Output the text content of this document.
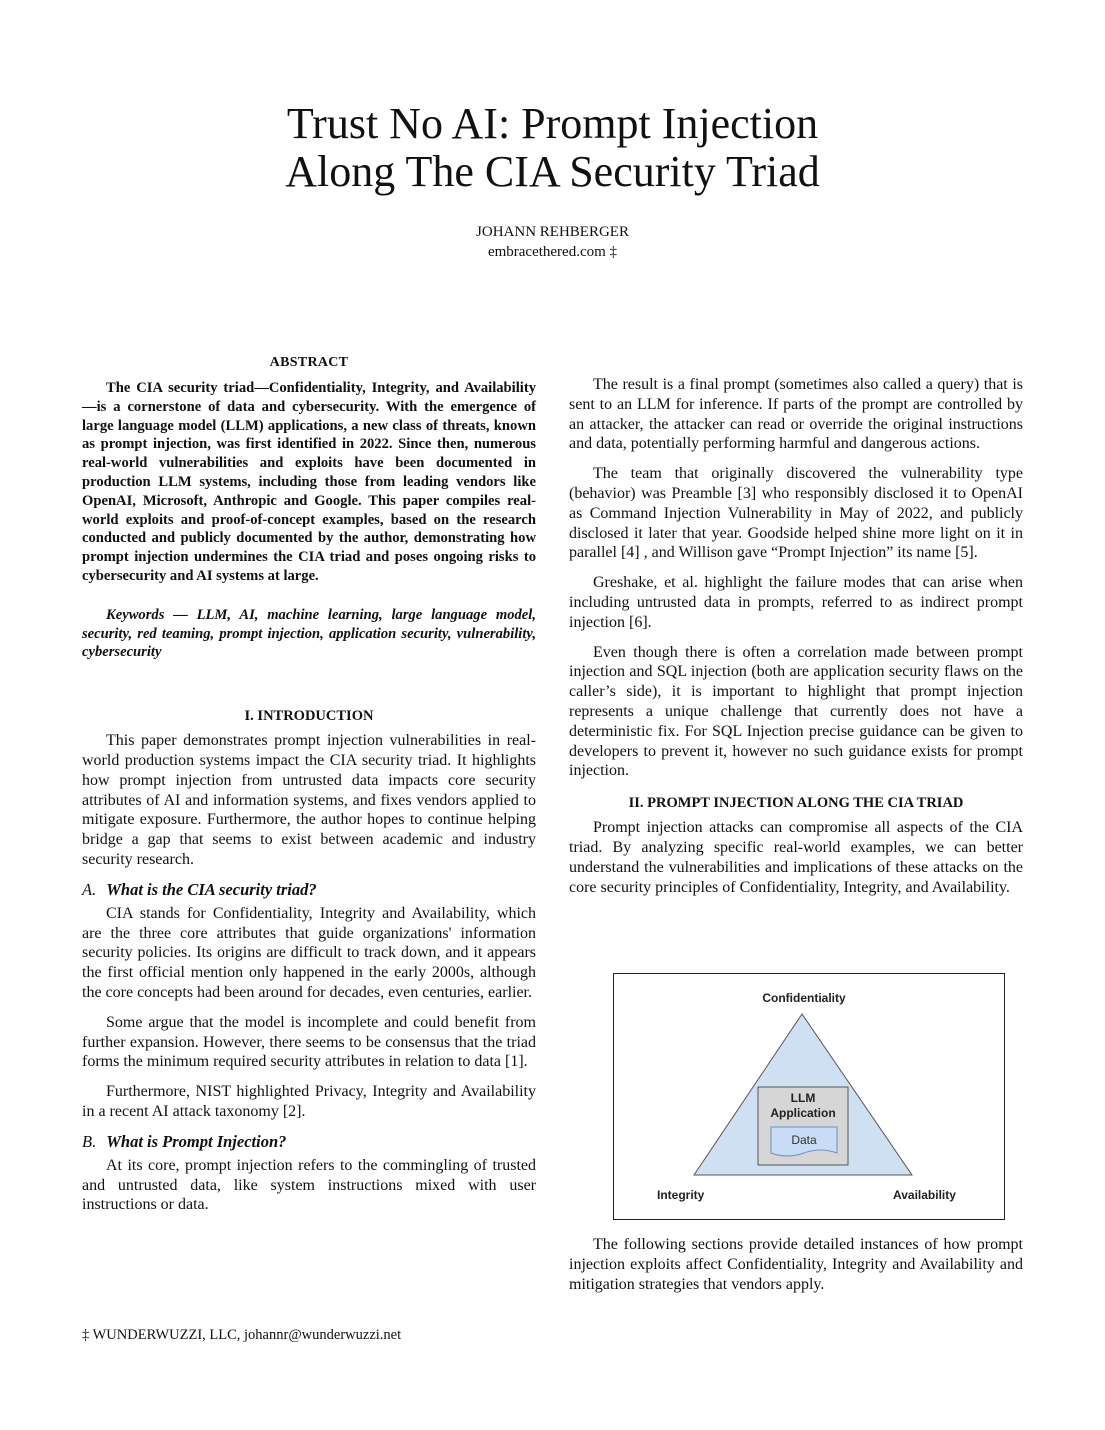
Trust No AI: Prompt Injection
Along The CIA Security Triad
JOHANN REHBERGER
embracethered.com ‡
ABSTRACT

The CIA security triad—Confidentiality, Integrity, and Availability—is a cornerstone of data and cybersecurity. With the emergence of large language model (LLM) applications, a new class of threats, known as prompt injection, was first identified in 2022. Since then, numerous real-world vulnerabilities and exploits have been documented in production LLM systems, including those from leading vendors like OpenAI, Microsoft, Anthropic and Google. This paper compiles real-world exploits and proof-of-concept examples, based on the research conducted and publicly documented by the author, demonstrating how prompt injection undermines the CIA triad and poses ongoing risks to cybersecurity and AI systems at large.

Keywords — LLM, AI, machine learning, large language model, security, red teaming, prompt injection, application security, vulnerability, cybersecurity

I. INTRODUCTION

This paper demonstrates prompt injection vulnerabilities in real-world production systems impact the CIA security triad. It highlights how prompt injection from untrusted data impacts core security attributes of AI and information systems, and fixes vendors applied to mitigate exposure. Furthermore, the author hopes to continue helping bridge a gap that seems to exist between academic and industry security research.

A. What is the CIA security triad?

CIA stands for Confidentiality, Integrity and Availability, which are the three core attributes that guide organizations' information security policies. Its origins are difficult to track down, and it appears the first official mention only happened in the early 2000s, although the core concepts had been around for decades, even centuries, earlier.

Some argue that the model is incomplete and could benefit from further expansion. However, there seems to be consensus that the triad forms the minimum required security attributes in relation to data [1].

Furthermore, NIST highlighted Privacy, Integrity and Availability in a recent AI attack taxonomy [2].

B. What is Prompt Injection?

At its core, prompt injection refers to the commingling of trusted and untrusted data, like system instructions mixed with user instructions or data.

The result is a final prompt (sometimes also called a query) that is sent to an LLM for inference. If parts of the prompt are controlled by an attacker, the attacker can read or override the original instructions and data, potentially performing harmful and dangerous actions.

The team that originally discovered the vulnerability type (behavior) was Preamble [3] who responsibly disclosed it to OpenAI as Command Injection Vulnerability in May of 2022, and publicly disclosed it later that year. Goodside helped shine more light on it in parallel [4] , and Willison gave “Prompt Injection” its name [5].

Greshake, et al. highlight the failure modes that can arise when including untrusted data in prompts, referred to as indirect prompt injection [6].

Even though there is often a correlation made between prompt injection and SQL injection (both are application security flaws on the caller’s side), it is important to highlight that prompt injection represents a unique challenge that currently does not have a deterministic fix. For SQL Injection precise guidance can be given to developers to prevent it, however no such guidance exists for prompt injection.

II. PROMPT INJECTION ALONG THE CIA TRIAD

Prompt injection attacks can compromise all aspects of the CIA triad. By analyzing specific real-world examples, we can better understand the vulnerabilities and implications of these attacks on the core security principles of Confidentiality, Integrity, and Availability.

LLM
Application
Data
Confidentiality
Integrity	Availability

The following sections provide detailed instances of how prompt injection exploits affect Confidentiality, Integrity and Availability and mitigation strategies that vendors apply.

‡ WUNDERWUZZI, LLC, johannr@wunderwuzzi.net
